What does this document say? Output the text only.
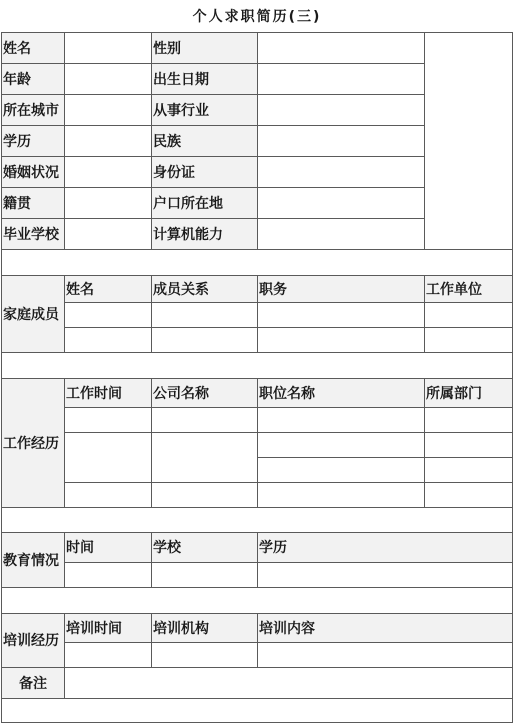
个人求职简历(三)				
姓名		性别		
年龄		出生日期		
所在城市		从事行业		
学历		民族		
婚姻状况		身份证		
籍贯		户口所在地		
毕业学校		计算机能力		

家庭成员	姓名	成员关系	职务	工作单位

工作经历	工作时间	公司名称	职位名称	所属部门

教育情况	时间	学校	学历	

培训经历	培训时间	培训机构	培训内容	

备注				
